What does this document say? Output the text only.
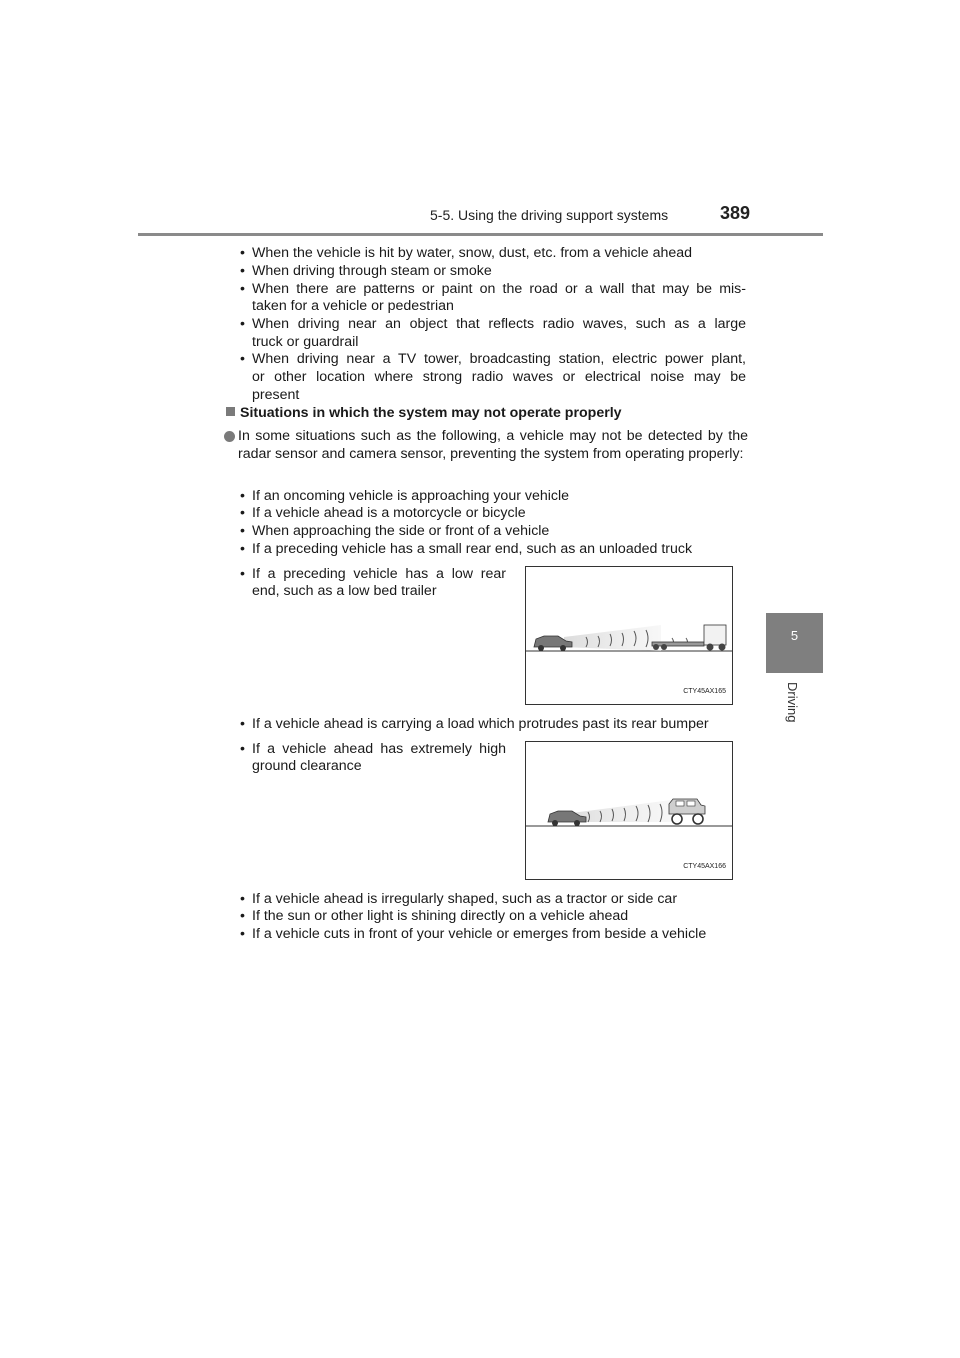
5-5. Using the driving support systems	389
5
Driving
• When the vehicle is hit by water, snow, dust, etc. from a vehicle ahead
• When driving through steam or smoke
• When there are patterns or paint on the road or a wall that may be mis-
taken for a vehicle or pedestrian
• When driving near an object that reflects radio waves, such as a large
truck or guardrail
• When driving near a TV tower, broadcasting station, electric power plant,
or other location where strong radio waves or electrical noise may be
present
Situations in which the system may not operate properly
In some situations such as the following, a vehicle may not be detected by the radar sensor and camera sensor, preventing the system from operating properly:
• If an oncoming vehicle is approaching your vehicle
• If a vehicle ahead is a motorcycle or bicycle
• When approaching the side or front of a vehicle
• If a preceding vehicle has a small rear end, such as an unloaded truck
• If a preceding vehicle has a low rear
end, such as a low bed trailer
CTY45AX165
• If a vehicle ahead is carrying a load which protrudes past its rear bumper
• If a vehicle ahead has extremely high
ground clearance
CTY45AX166
• If a vehicle ahead is irregularly shaped, such as a tractor or side car
• If the sun or other light is shining directly on a vehicle ahead
• If a vehicle cuts in front of your vehicle or emerges from beside a vehicle
